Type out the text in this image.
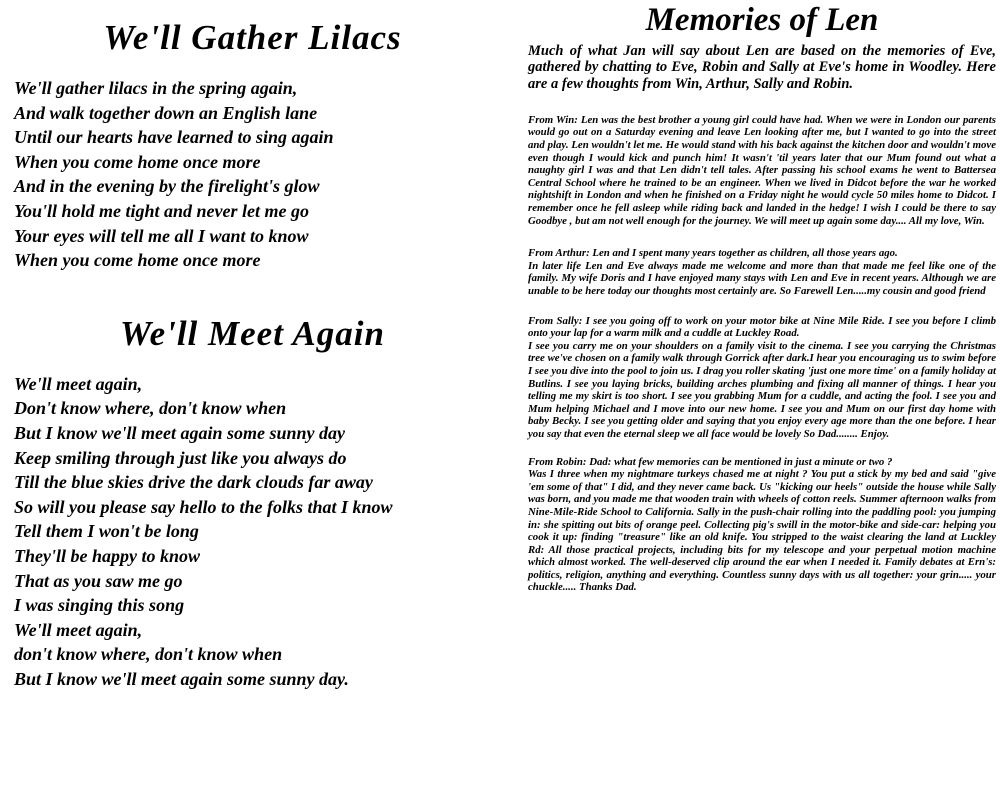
We'll Gather Lilacs
We'll gather lilacs in the spring again,
And walk together down an English lane
Until our hearts have learned to sing again
When you come home once more
And in the evening by the firelight's glow
You'll hold me tight and never let me go
Your eyes will tell me all I want to know
When you come home once more
We'll Meet Again
We'll meet again,
Don't know where, don't know when
But I know we'll meet again some sunny day
Keep smiling through just like you always do
Till the blue skies drive the dark clouds far away
So will you please say hello to the folks that I know
Tell them I won't be long
They'll be happy to know
That as you saw me go
I was singing this song
We'll meet again,
don't know where, don't know when
But I know we'll meet again some sunny day.
Memories of Len

Much of what Jan will say about Len are based on the memories of Eve, gathered by chatting to Eve, Robin and Sally at Eve's home in Woodley. Here are a few thoughts from Win, Arthur, Sally and Robin.

From Win: Len was the best brother a young girl could have had. When we were in London our parents would go out on a Saturday evening and leave Len looking after me, but I wanted to go into the street and play. Len wouldn't let me. He would stand with his back against the kitchen door and wouldn't move even though I would kick and punch him! It wasn't 'til years later that our Mum found out what a naughty girl I was and that Len didn't tell tales. After passing his school exams he went to Battersea Central School where he trained to be an engineer. When we lived in Didcot before the war he worked nightshift in London and when he finished on a Friday night he would cycle 50 miles home to Didcot. I remember once he fell asleep while riding back and landed in the hedge! I wish I could be there to say Goodbye , but am not well enough for the journey. We will meet up again some day.... All my love, Win.

From Arthur: Len and I spent many years together as children, all those years ago.
In later life Len and Eve always made me welcome and more than that made me feel like one of the family. My wife Doris and I have enjoyed many stays with Len and Eve in recent years. Although we are unable to be here today our thoughts most certainly are. So Farewell Len.....my cousin and good friend

From Sally: I see you going off to work on your motor bike at Nine Mile Ride. I see you before I climb onto your lap for a warm milk and a cuddle at Luckley Road.
I see you carry me on your shoulders on a family visit to the cinema. I see you carrying the Christmas tree we've chosen on a family walk through Gorrick after dark.I hear you encouraging us to swim before I see you dive into the pool to join us. I drag you roller skating 'just one more time' on a family holiday at Butlins. I see you laying bricks, building arches plumbing and fixing all manner of things. I hear you telling me my skirt is too short. I see you grabbing Mum for a cuddle, and acting the fool. I see you and Mum helping Michael and I move into our new home. I see you and Mum on our first day home with baby Becky. I see you getting older and saying that you enjoy every age more than the one before. I hear you say that even the eternal sleep we all face would be lovely So Dad........ Enjoy.

From Robin: Dad: what few memories can be mentioned in just a minute or two ?
Was I three when my nightmare turkeys chased me at night ? You put a stick by my bed and said "give 'em some of that" I did, and they never came back. Us "kicking our heels" outside the house while Sally was born, and you made me that wooden train with wheels of cotton reels. Summer afternoon walks from Nine-Mile-Ride School to California. Sally in the push-chair rolling into the paddling pool: you jumping in: she spitting out bits of orange peel. Collecting pig's swill in the motor-bike and side-car: helping you cook it up: finding "treasure" like an old knife. You stripped to the waist clearing the land at Luckley Rd: All those practical projects, including bits for my telescope and your perpetual motion machine which almost worked. The well-deserved clip around the ear when I needed it. Family debates at Ern's: politics, religion, anything and everything. Countless sunny days with us all together: your grin..... your chuckle..... Thanks Dad.
